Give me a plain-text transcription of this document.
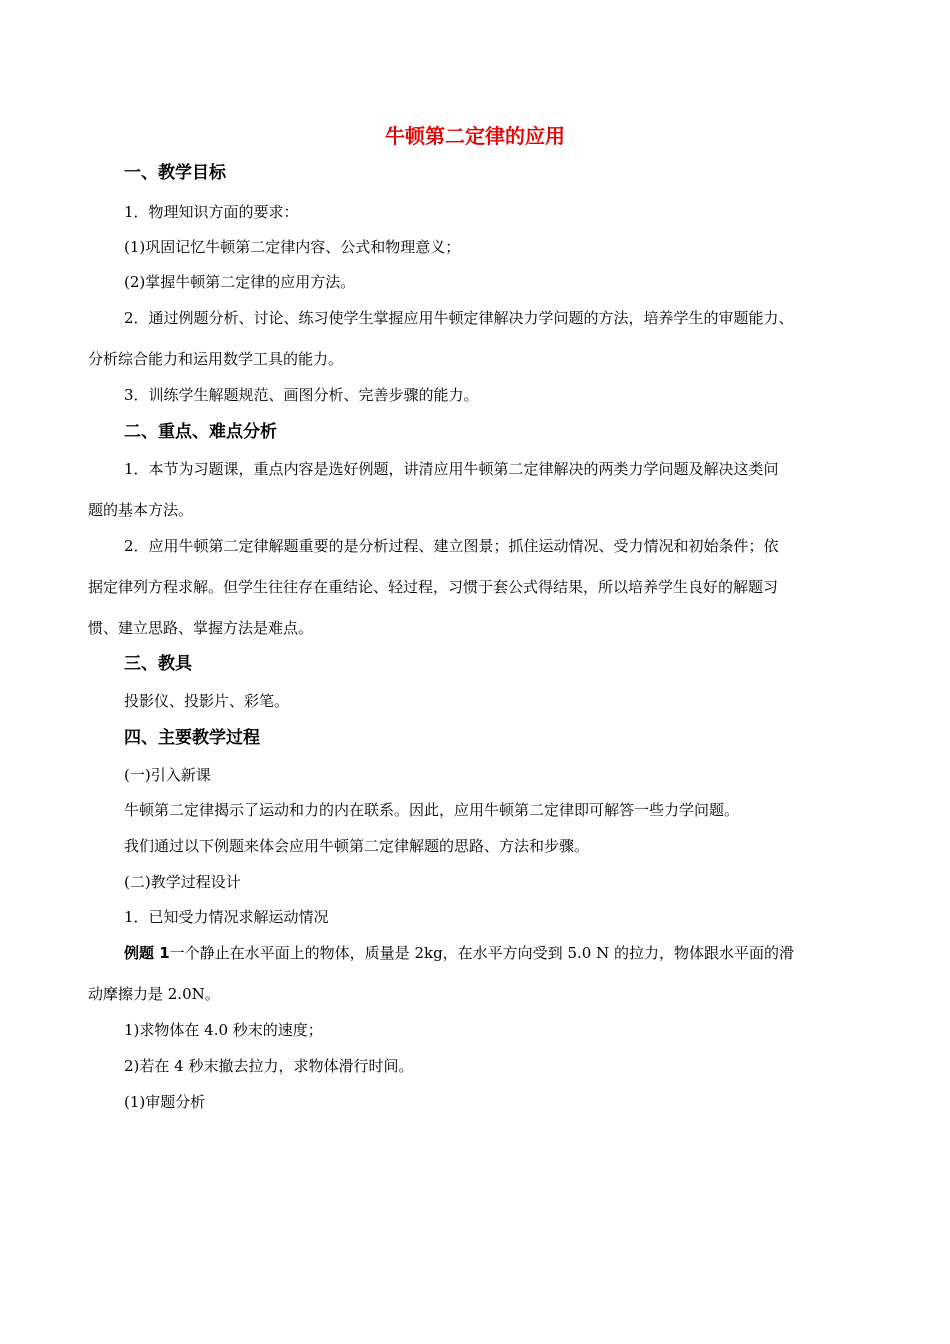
牛顿第二定律的应用
一、教学目标
1．物理知识方面的要求：
(1)巩固记忆牛顿第二定律内容、公式和物理意义；
(2)掌握牛顿第二定律的应用方法。
2．通过例题分析、讨论、练习使学生掌握应用牛顿定律解决力学问题的方法，培养学生的审题能力、
分析综合能力和运用数学工具的能力。
3．训练学生解题规范、画图分析、完善步骤的能力。
二、重点、难点分析
1．本节为习题课，重点内容是选好例题，讲清应用牛顿第二定律解决的两类力学问题及解决这类问
题的基本方法。
2．应用牛顿第二定律解题重要的是分析过程、建立图景；抓住运动情况、受力情况和初始条件；依
据定律列方程求解。但学生往往存在重结论、轻过程，习惯于套公式得结果，所以培养学生良好的解题习
惯、建立思路、掌握方法是难点。
三、教具
投影仪、投影片、彩笔。
四、主要教学过程
(一)引入新课
牛顿第二定律揭示了运动和力的内在联系。因此，应用牛顿第二定律即可解答一些力学问题。
我们通过以下例题来体会应用牛顿第二定律解题的思路、方法和步骤。
(二)教学过程设计
1．已知受力情况求解运动情况
例题 1一个静止在水平面上的物体，质量是 2kg，在水平方向受到 5.0 N 的拉力，物体跟水平面的滑
动摩擦力是 2.0N。
1)求物体在 4.0 秒末的速度；
2)若在 4 秒末撤去拉力，求物体滑行时间。
(1)审题分析
